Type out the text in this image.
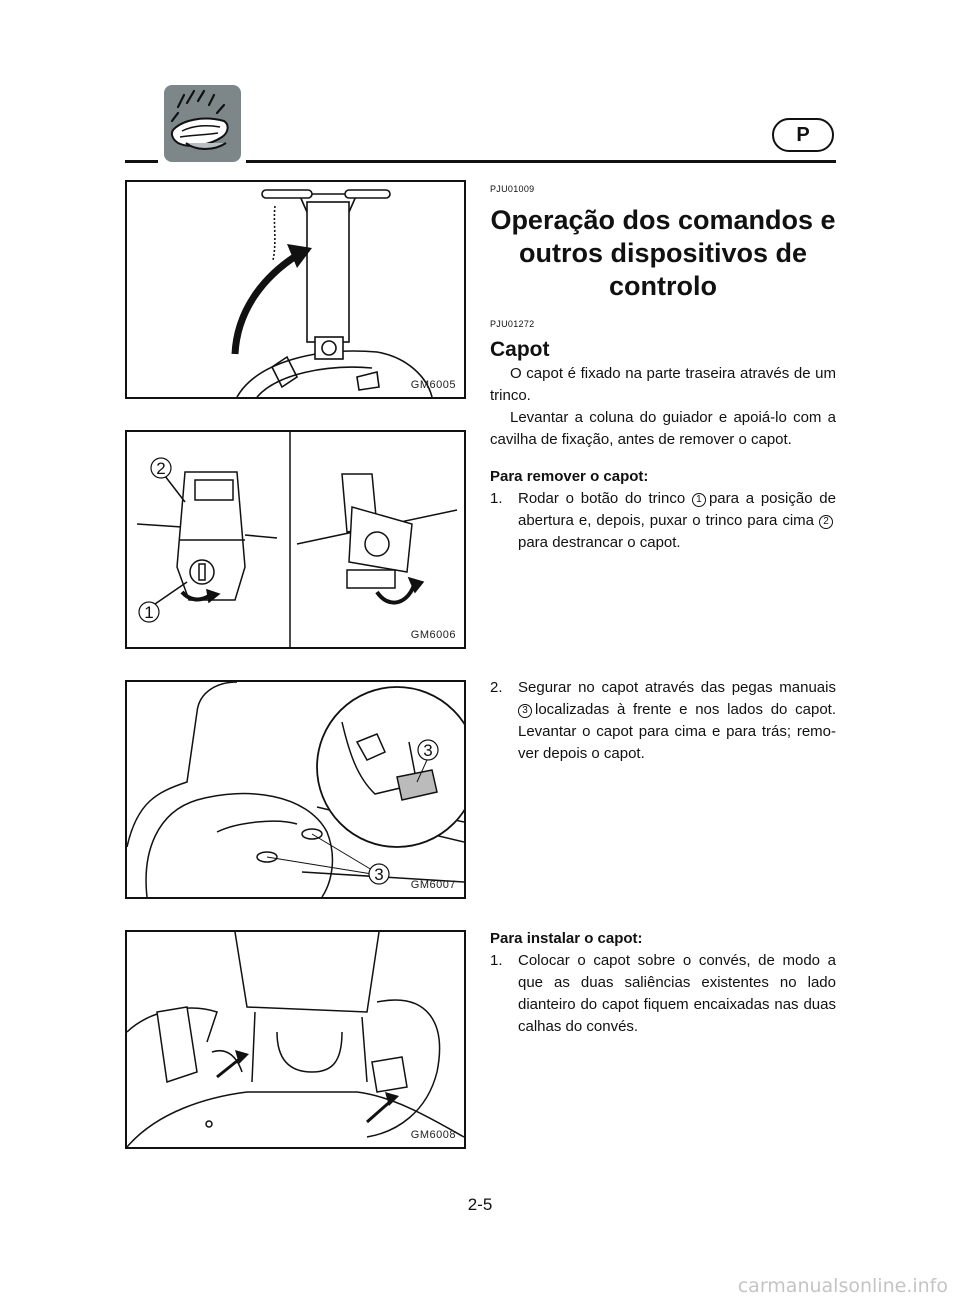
P
GM6005
2
1
GM6006
3
3
GM6007
GM6008
PJU01009
Operação dos comandos e outros dispositivos de controlo
PJU01272
Capot

O capot é fixado na parte traseira através de um trinco.

Levantar a coluna do guiador e apoiá-lo com a cavilha de fixação, antes de remover o capot.

Para remover o capot:

1.	Rodar o botão do trinco 1 para a posição de abertura e, depois, puxar o trinco para cima 2para destrancar o capot.
2.	Segurar no capot através das pegas manuais 3 localizadas à frente e nos lados do capot. Levantar o capot para cima e para trás; remo-ver depois o capot.

Para instalar o capot:

1.	Colocar o capot sobre o convés, de modo a que as duas saliências existentes no lado dianteiro do capot fiquem encaixadas nas duas calhas do convés.
2-5
carmanualsonline.info
